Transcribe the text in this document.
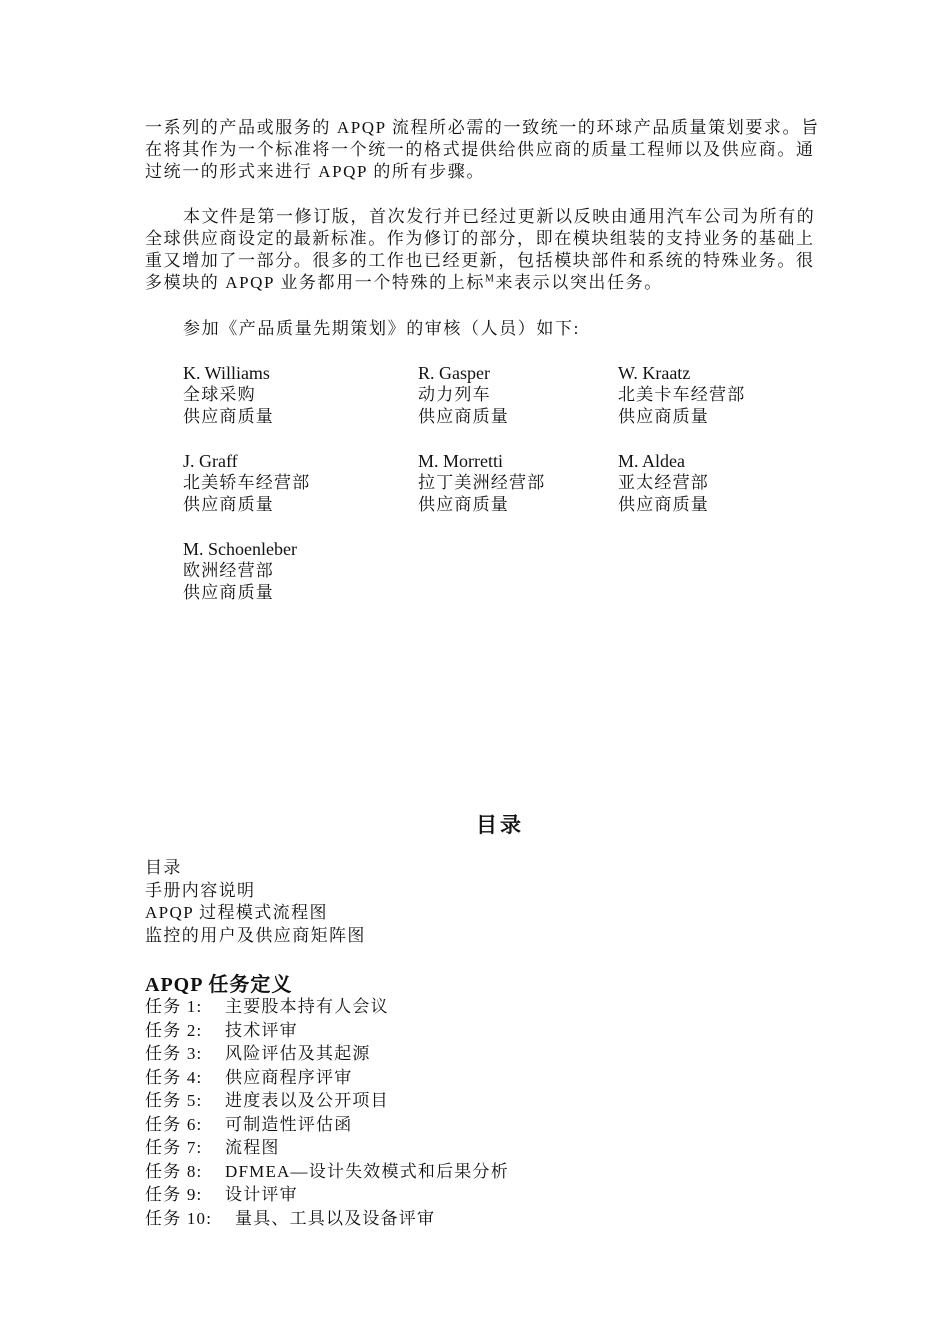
一系列的产品或服务的 APQP 流程所必需的一致统一的环球产品质量策划要求。旨在将其作为一个标准将一个统一的格式提供给供应商的质量工程师以及供应商。通过统一的形式来进行 APQP 的所有步骤。

本文件是第一修订版，首次发行并已经过更新以反映由通用汽车公司为所有的全球供应商设定的最新标准。作为修订的部分，即在模块组装的支持业务的基础上重又增加了一部分。很多的工作也已经更新，包括模块部件和系统的特殊业务。很多模块的 APQP 业务都用一个特殊的上标$^M$来表示以突出任务。

参加《产品质量先期策划》的审核（人员）如下:
K. Williams
全球采购
供应商质量
R. Gasper
动力列车
供应商质量
W. Kraatz
北美卡车经营部
供应商质量
J. Graff
北美轿车经营部
供应商质量
M. Morretti
拉丁美洲经营部
供应商质量
M. Aldea
亚太经营部
供应商质量
M. Schoenleber
欧洲经营部
供应商质量
目录
目录
手册内容说明
APQP 过程模式流程图
监控的用户及供应商矩阵图
APQP 任务定义
任务 1: 主要股本持有人会议
任务 2: 技术评审
任务 3: 风险评估及其起源
任务 4: 供应商程序评审
任务 5: 进度表以及公开项目
任务 6: 可制造性评估函
任务 7: 流程图
任务 8: DFMEA—设计失效模式和后果分析
任务 9: 设计评审
任务 10: 量具、工具以及设备评审
